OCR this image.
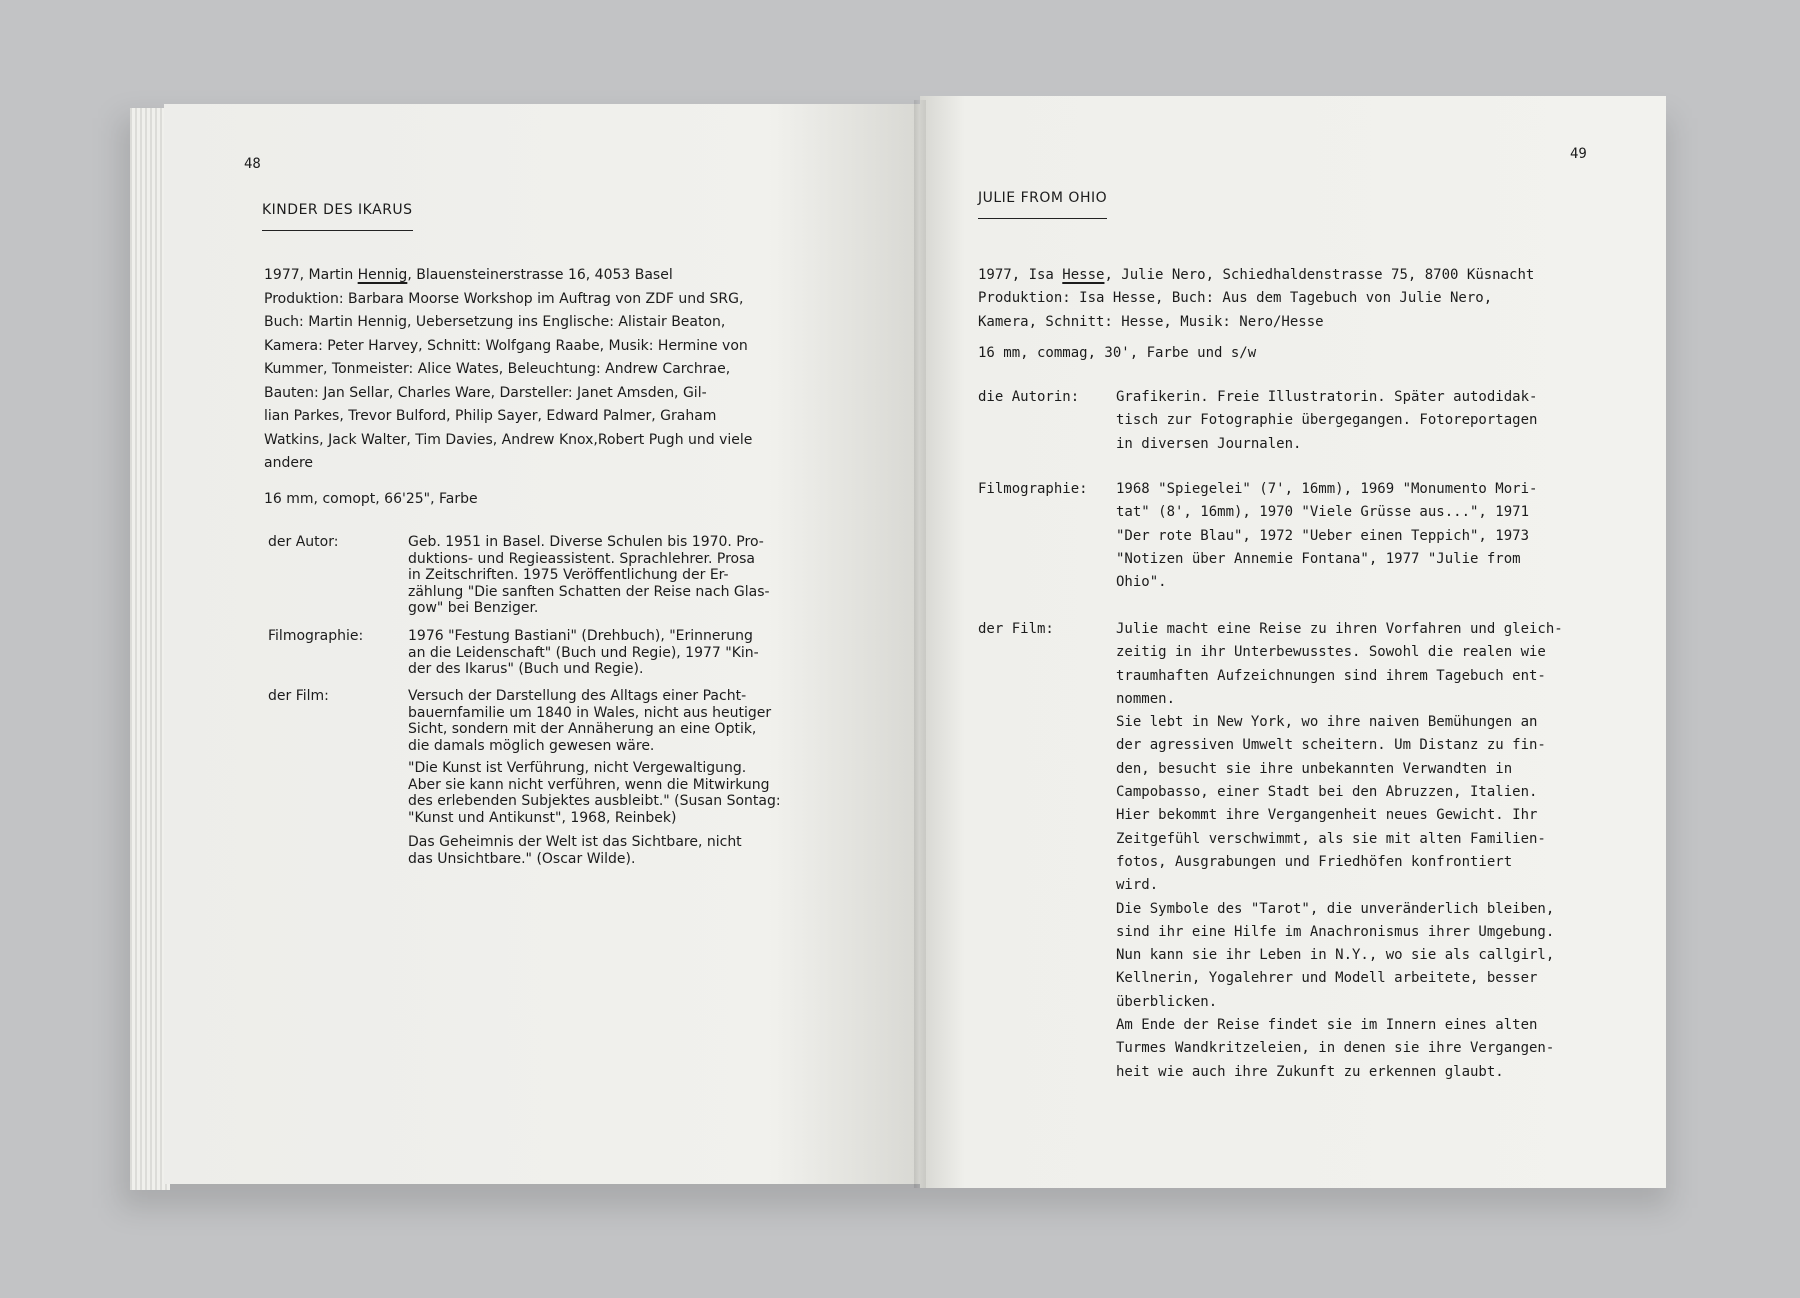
48
KINDER DES IKARUS
1977, Martin Hennig, Blauensteinerstrasse 16, 4053 Basel
Produktion: Barbara Moorse Workshop im Auftrag von ZDF und SRG,
Buch: Martin Hennig, Uebersetzung ins Englische: Alistair Beaton,
Kamera: Peter Harvey, Schnitt: Wolfgang Raabe, Musik: Hermine von
Kummer, Tonmeister: Alice Wates, Beleuchtung: Andrew Carchrae,
Bauten: Jan Sellar, Charles Ware, Darsteller: Janet Amsden, Gil-
lian Parkes, Trevor Bulford, Philip Sayer, Edward Palmer, Graham
Watkins, Jack Walter, Tim Davies, Andrew Knox,Robert Pugh und viele
andere
16 mm, comopt, 66'25", Farbe
der Autor:	Geb. 1951 in Basel. Diverse Schulen bis 1970. Pro-
duktions- und Regieassistent. Sprachlehrer. Prosa
in Zeitschriften. 1975 Veröffentlichung der Er-
zählung "Die sanften Schatten der Reise nach Glas-
gow" bei Benziger.
Filmographie:	1976 "Festung Bastiani" (Drehbuch), "Erinnerung
an die Leidenschaft" (Buch und Regie), 1977 "Kin-
der des Ikarus" (Buch und Regie).
der Film:	Versuch der Darstellung des Alltags einer Pacht-
bauernfamilie um 1840 in Wales, nicht aus heutiger
Sicht, sondern mit der Annäherung an eine Optik,
die damals möglich gewesen wäre.
"Die Kunst ist Verführung, nicht Vergewaltigung.
Aber sie kann nicht verführen, wenn die Mitwirkung
des erlebenden Subjektes ausbleibt." (Susan Sontag:
"Kunst und Antikunst", 1968, Reinbek)
Das Geheimnis der Welt ist das Sichtbare, nicht
das Unsichtbare." (Oscar Wilde).
49
JULIE FROM OHIO
1977, Isa Hesse, Julie Nero, Schiedhaldenstrasse 75, 8700 Küsnacht
Produktion: Isa Hesse, Buch: Aus dem Tagebuch von Julie Nero,
Kamera, Schnitt: Hesse, Musik: Nero/Hesse
16 mm, commag, 30', Farbe und s/w
die Autorin:	Grafikerin. Freie Illustratorin. Später autodidak-
tisch zur Fotographie übergegangen. Fotoreportagen
in diversen Journalen.
Filmographie: 1968 "Spiegelei" (7', 16mm), 1969 "Monumento Mori-
tat" (8', 16mm), 1970 "Viele Grüsse aus...", 1971
"Der rote Blau", 1972 "Ueber einen Teppich", 1973
"Notizen über Annemie Fontana", 1977 "Julie from
Ohio".
der Film:	Julie macht eine Reise zu ihren Vorfahren und gleich-
zeitig in ihr Unterbewusstes. Sowohl die realen wie
traumhaften Aufzeichnungen sind ihrem Tagebuch ent-
nommen.
Sie lebt in New York, wo ihre naiven Bemühungen an
der agressiven Umwelt scheitern. Um Distanz zu fin-
den, besucht sie ihre unbekannten Verwandten in
Campobasso, einer Stadt bei den Abruzzen, Italien.
Hier bekommt ihre Vergangenheit neues Gewicht. Ihr
Zeitgefühl verschwimmt, als sie mit alten Familien-
fotos, Ausgrabungen und Friedhöfen konfrontiert
wird.
Die Symbole des "Tarot", die unveränderlich bleiben,
sind ihr eine Hilfe im Anachronismus ihrer Umgebung.
Nun kann sie ihr Leben in N.Y., wo sie als callgirl,
Kellnerin, Yogalehrer und Modell arbeitete, besser
überblicken.
Am Ende der Reise findet sie im Innern eines alten
Turmes Wandkritzeleien, in denen sie ihre Vergangen-
heit wie auch ihre Zukunft zu erkennen glaubt.
